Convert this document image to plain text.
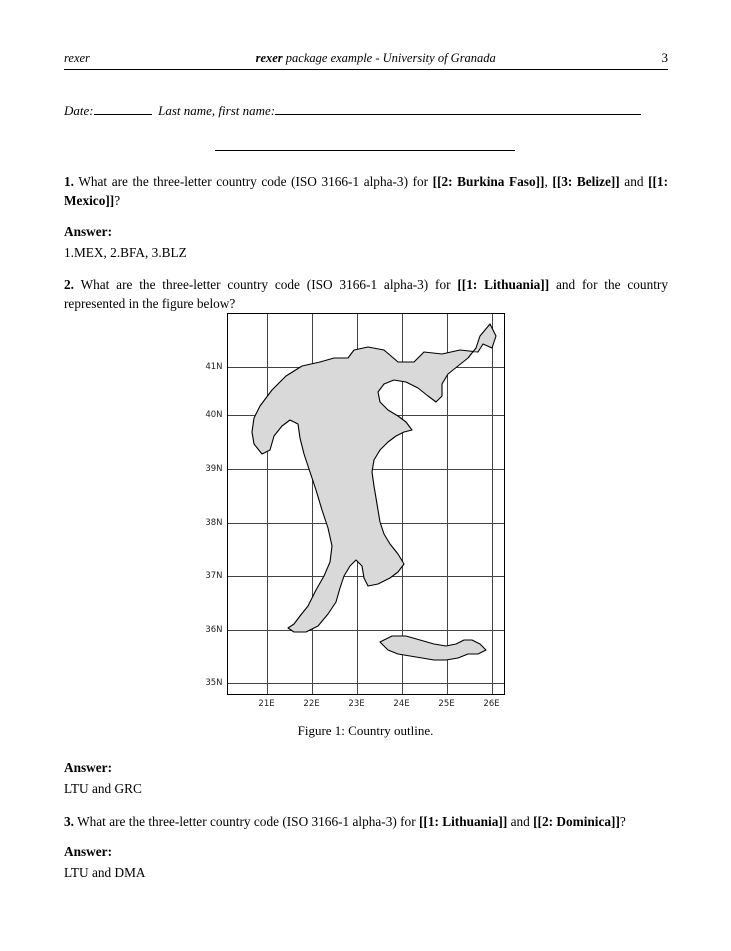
rexer	rexer package example - University of Granada	3
Date:	Last name, first name:

1. What are the three-letter country code (ISO 3166-1 alpha-3) for [[2: Burkina Faso]], [[3: Belize]] and [[1: Mexico]]?

Answer:

1.MEX, 2.BFA, 3.BLZ

2. What are the three-letter country code (ISO 3166-1 alpha-3) for [[1: Lithuania]] and for the country represented in the figure below?

41N
40N
39N
38N
37N
36N
35N
21E	22E	23E	24E	25E	26E
Figure 1: Country outline.

Answer:

LTU and GRC

3. What are the three-letter country code (ISO 3166-1 alpha-3) for [[1: Lithuania]] and [[2: Dominica]]?

Answer:

LTU and DMA
